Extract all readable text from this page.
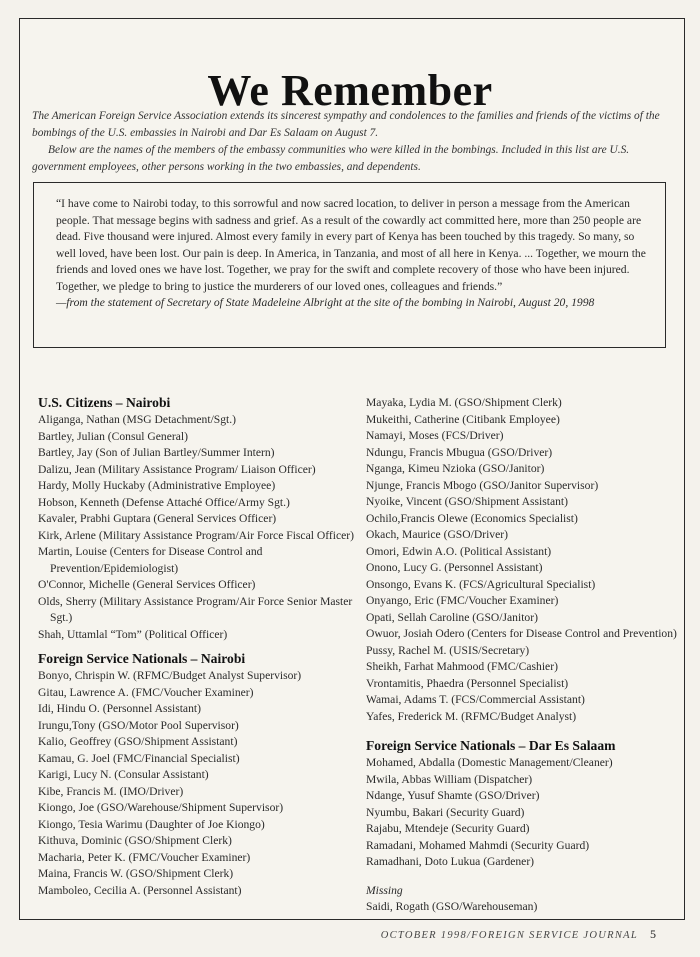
We Remember

The American Foreign Service Association extends its sincerest sympathy and condolences to the families and friends of the victims of the bombings of the U.S. embassies in Nairobi and Dar Es Salaam on August 7.

Below are the names of the members of the embassy communities who were killed in the bombings. Included in this list are U.S. government employees, other persons working in the two embassies, and dependents.

“I have come to Nairobi today, to this sorrowful and now sacred location, to deliver in person a message from the American people. That message begins with sadness and grief. As a result of the cowardly act committed here, more than 250 people are dead. Five thousand were injured. Almost every family in every part of Kenya has been touched by this tragedy. So many, so well loved, have been lost. Our pain is deep. In America, in Tanzania, and most of all here in Kenya. ... Together, we mourn the friends and loved ones we have lost. Together, we pray for the swift and complete recovery of those who have been injured. Together, we pledge to bring to justice the murderers of our loved ones, colleagues and friends.”

—from the statement of Secretary of State Madeleine Albright at the site of the bombing in Nairobi, August 20, 1998

U.S. Citizens – Nairobi
Aliganga, Nathan (MSG Detachment/Sgt.)
Bartley, Julian (Consul General)
Bartley, Jay (Son of Julian Bartley/Summer Intern)
Dalizu, Jean (Military Assistance Program/ Liaison Officer)
Hardy, Molly Huckaby (Administrative Employee)
Hobson, Kenneth (Defense Attaché Office/Army Sgt.)
Kavaler, Prabhi Guptara (General Services Officer)
Kirk, Arlene (Military Assistance Program/Air Force Fiscal Officer)
Martin, Louise (Centers for Disease Control and Prevention/Epidemiologist)
O'Connor, Michelle (General Services Officer)
Olds, Sherry (Military Assistance Program/Air Force Senior Master Sgt.)
Shah, Uttamlal “Tom” (Political Officer)
Foreign Service Nationals – Nairobi
Bonyo, Chrispin W. (RFMC/Budget Analyst Supervisor)
Gitau, Lawrence A. (FMC/Voucher Examiner)
Idi, Hindu O. (Personnel Assistant)
Irungu,Tony (GSO/Motor Pool Supervisor)
Kalio, Geoffrey (GSO/Shipment Assistant)
Kamau, G. Joel (FMC/Financial Specialist)
Karigi, Lucy N. (Consular Assistant)
Kibe, Francis M. (IMO/Driver)
Kiongo, Joe (GSO/Warehouse/Shipment Supervisor)
Kiongo, Tesia Warimu (Daughter of Joe Kiongo)
Kithuva, Dominic (GSO/Shipment Clerk)
Macharia, Peter K. (FMC/Voucher Examiner)
Maina, Francis W. (GSO/Shipment Clerk)
Mamboleo, Cecilia A. (Personnel Assistant)
Mayaka, Lydia M. (GSO/Shipment Clerk)
Mukeithi, Catherine (Citibank Employee)
Namayi, Moses (FCS/Driver)
Ndungu, Francis Mbugua (GSO/Driver)
Nganga, Kimeu Nzioka (GSO/Janitor)
Njunge, Francis Mbogo (GSO/Janitor Supervisor)
Nyoike, Vincent (GSO/Shipment Assistant)
Ochilo,Francis Olewe (Economics Specialist)
Okach, Maurice (GSO/Driver)
Omori, Edwin A.O. (Political Assistant)
Onono, Lucy G. (Personnel Assistant)
Onsongo, Evans K. (FCS/Agricultural Specialist)
Onyango, Eric (FMC/Voucher Examiner)
Opati, Sellah Caroline (GSO/Janitor)
Owuor, Josiah Odero (Centers for Disease Control and Prevention)
Pussy, Rachel M. (USIS/Secretary)
Sheikh, Farhat Mahmood (FMC/Cashier)
Vrontamitis, Phaedra (Personnel Specialist)
Wamai, Adams T. (FCS/Commercial Assistant)
Yafes, Frederick M. (RFMC/Budget Analyst)
Foreign Service Nationals – Dar Es Salaam
Mohamed, Abdalla (Domestic Management/Cleaner)
Mwila, Abbas William (Dispatcher)
Ndange, Yusuf Shamte (GSO/Driver)
Nyumbu, Bakari (Security Guard)
Rajabu, Mtendeje (Security Guard)
Ramadani, Mohamed Mahmdi (Security Guard)
Ramadhani, Doto Lukua (Gardener)
Missing
Saidi, Rogath (GSO/Warehouseman)
OCTOBER 1998/FOREIGN SERVICE JOURNAL 5
